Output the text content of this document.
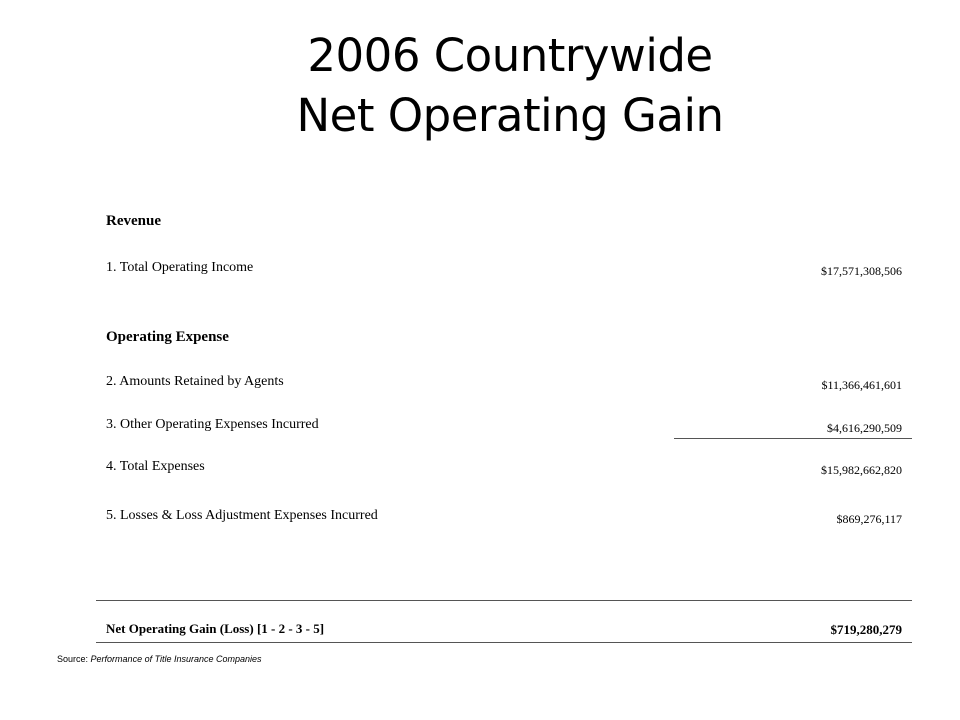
2006 Countrywide
Net Operating Gain
Revenue
1. Total Operating Income	$17,571,308,506
Operating Expense
2. Amounts Retained by Agents	$11,366,461,601
3. Other Operating Expenses Incurred	$4,616,290,509
4. Total Expenses	$15,982,662,820
5. Losses & Loss Adjustment Expenses Incurred	$869,276,117
Net Operating Gain (Loss) [1 - 2 - 3 - 5]	$719,280,279
Source: Performance of Title Insurance Companies
